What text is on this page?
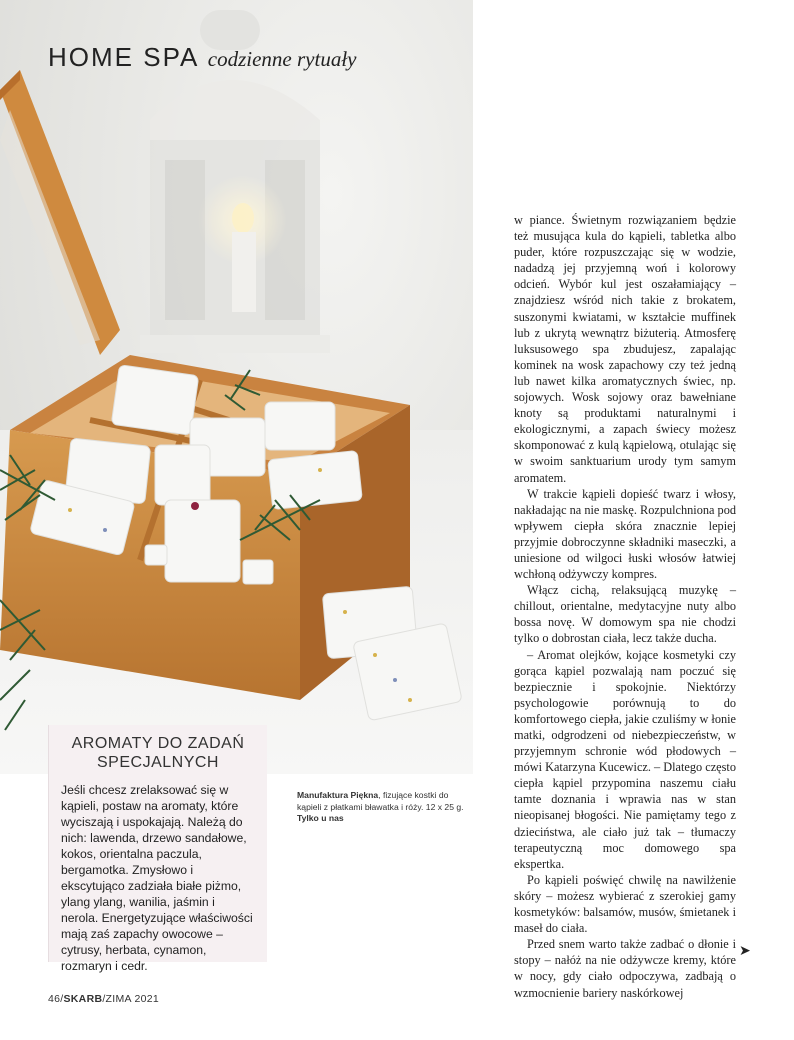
HOME SPA codzienne rytuały
AROMATY DO ZADAŃ
SPECJALNYCH
Jeśli chcesz zrelaksować się w kąpieli, postaw na aromaty, które wyciszają i uspokajają. Należą do nich: lawenda, drzewo sandałowe, kokos, orientalna paczula, bergamotka. Zmysłowo i ekscytująco zadziała białe piżmo, ylang ylang, wanilia, jaśmin i nerola. Energetyzujące właściwości mają zaś zapachy owocowe – cytrusy, herbata, cynamon, rozmaryn i cedr.
Manufaktura Piękna, fizujące kostki do kąpieli z płatkami bławatka i róży. 12 x 25 g. Tylko u nas

w piance. Świetnym rozwiązaniem będzie też musująca kula do kąpieli, tabletka albo puder, które rozpuszczając się w wodzie, nadadzą jej przyjemną woń i kolorowy odcień. Wybór kul jest oszałamiający – znajdziesz wśród nich takie z brokatem, suszonymi kwiatami, w kształcie muffinek lub z ukrytą wewnątrz biżuterią. Atmosferę luksusowego spa zbudujesz, zapalając kominek na wosk zapachowy czy też jedną lub nawet kilka aromatycznych świec, np. sojowych. Wosk sojowy oraz bawełniane knoty są produktami naturalnymi i ekologicznymi, a zapach świecy możesz skomponować z kulą kąpielową, otulając się w swoim sanktuarium urody tym samym aromatem.

W trakcie kąpieli dopieść twarz i włosy, nakładając na nie maskę. Rozpulchniona pod wpływem ciepła skóra znacznie lepiej przyjmie dobroczynne składniki maseczki, a uniesione od wilgoci łuski włosów łatwiej wchłoną odżywczy kompres.

Włącz cichą, relaksującą muzykę – chillout, orientalne, medytacyjne nuty albo bossa novę. W domowym spa nie chodzi tylko o dobrostan ciała, lecz także ducha.

– Aromat olejków, kojące kosmetyki czy gorąca kąpiel pozwalają nam poczuć się bezpiecznie i spokojnie. Niektórzy psychologowie porównują to do komfortowego ciepła, jakie czuliśmy w łonie matki, odgrodzeni od niebezpieczeństw, w przyjemnym schronie wód płodowych – mówi Katarzyna Kucewicz. – Dlatego często ciepła kąpiel przypomina naszemu ciału tamte doznania i wprawia nas w stan nieopisanej błogości. Nie pamiętamy tego z dzieciństwa, ale ciało już tak – tłumaczy terapeutyczną moc domowego spa ekspertka.

Po kąpieli poświęć chwilę na nawilżenie skóry – możesz wybierać z szerokiej gamy kosmetyków: balsamów, musów, śmietanek i maseł do ciała.

Przed snem warto także zadbać o dłonie i stopy – nałóż na nie odżywcze kremy, które w nocy, gdy ciało odpoczywa, zadbają o wzmocnienie bariery naskórkowej

➤
46/SKARB/ZIMA 2021
